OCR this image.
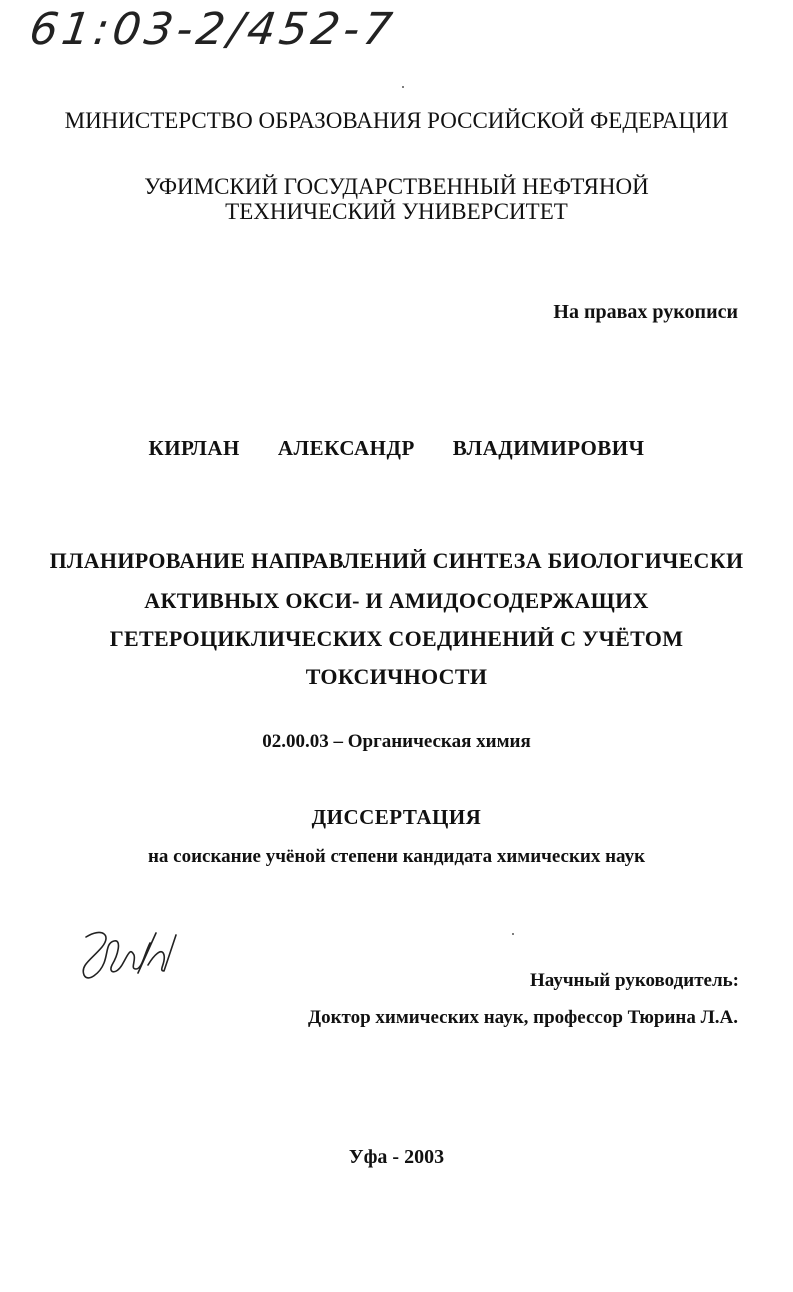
61:03-2/452-7
МИНИСТЕРСТВО ОБРАЗОВАНИЯ РОССИЙСКОЙ ФЕДЕРАЦИИ
УФИМСКИЙ ГОСУДАРСТВЕННЫЙ НЕФТЯНОЙ
ТЕХНИЧЕСКИЙ УНИВЕРСИТЕТ
На правах рукописи
КИРЛАН АЛЕКСАНДР ВЛАДИМИРОВИЧ
ПЛАНИРОВАНИЕ НАПРАВЛЕНИЙ СИНТЕЗА БИОЛОГИЧЕСКИ
АКТИВНЫХ ОКСИ- И АМИДОСОДЕРЖАЩИХ
ГЕТЕРОЦИКЛИЧЕСКИХ СОЕДИНЕНИЙ С УЧЁТОМ
ТОКСИЧНОСТИ
02.00.03 – Органическая химия
ДИССЕРТАЦИЯ
на соискание учёной степени кандидата химических наук
Научный руководитель:
Доктор химических наук, профессор Тюрина Л.А.
Уфа - 2003
